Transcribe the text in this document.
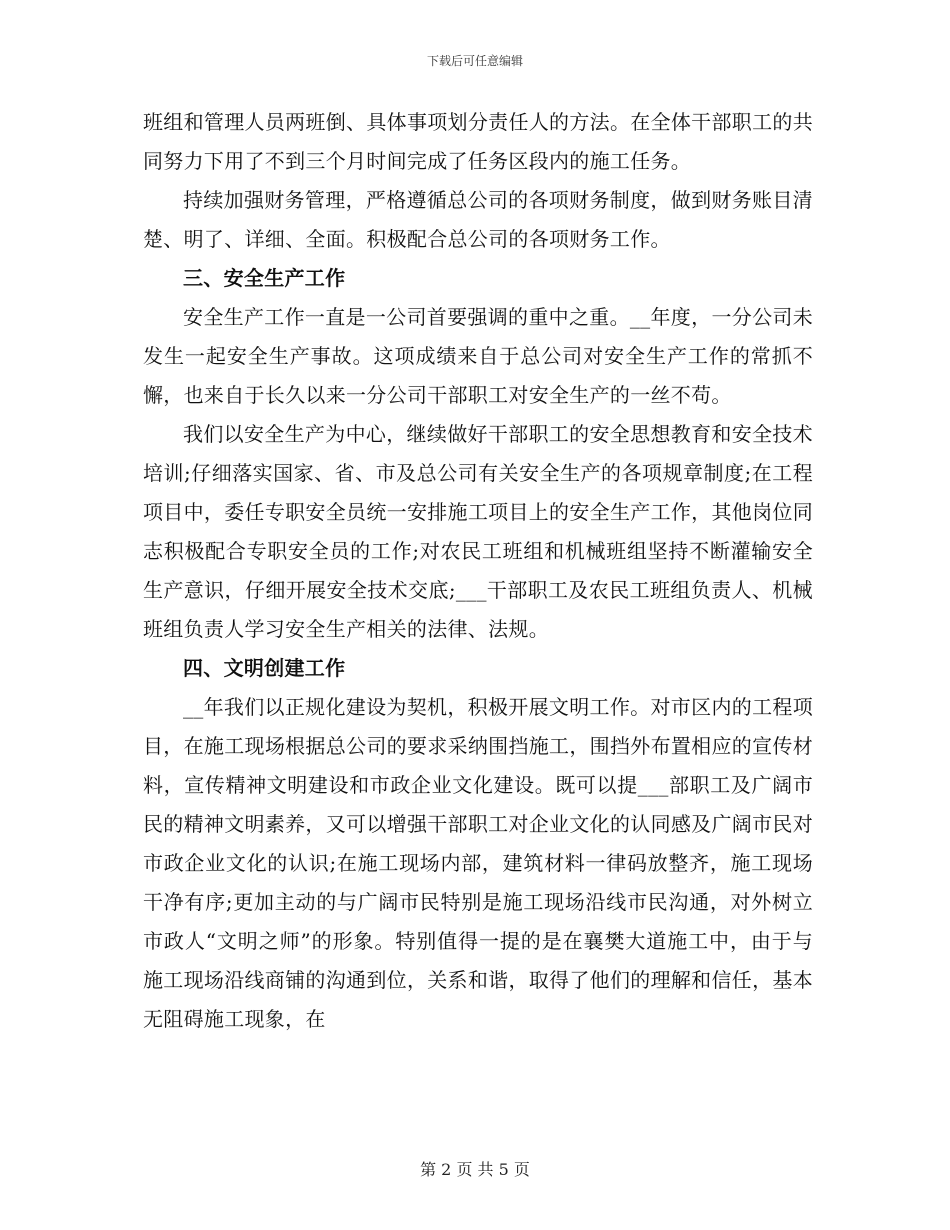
下载后可任意编辑

班组和管理人员两班倒、具体事项划分责任人的方法。在全体干部职工的共同努力下用了不到三个月时间完成了任务区段内的施工任务。

持续加强财务管理，严格遵循总公司的各项财务制度，做到财务账目清楚、明了、详细、全面。积极配合总公司的各项财务工作。

三、安全生产工作

安全生产工作一直是一公司首要强调的重中之重。__年度，一分公司未发生一起安全生产事故。这项成绩来自于总公司对安全生产工作的常抓不懈，也来自于长久以来一分公司干部职工对安全生产的一丝不苟。

我们以安全生产为中心，继续做好干部职工的安全思想教育和安全技术培训;仔细落实国家、省、市及总公司有关安全生产的各项规章制度;在工程项目中，委任专职安全员统一安排施工项目上的安全生产工作，其他岗位同志积极配合专职安全员的工作;对农民工班组和机械班组坚持不断灌输安全生产意识，仔细开展安全技术交底;___干部职工及农民工班组负责人、机械班组负责人学习安全生产相关的法律、法规。

四、文明创建工作

__年我们以正规化建设为契机，积极开展文明工作。对市区内的工程项目，在施工现场根据总公司的要求采纳围挡施工，围挡外布置相应的宣传材料，宣传精神文明建设和市政企业文化建设。既可以提___部职工及广阔市民的精神文明素养，又可以增强干部职工对企业文化的认同感及广阔市民对市政企业文化的认识;在施工现场内部，建筑材料一律码放整齐，施工现场干净有序;更加主动的与广阔市民特别是施工现场沿线市民沟通，对外树立市政人“文明之师”的形象。特别值得一提的是在襄樊大道施工中，由于与施工现场沿线商铺的沟通到位，关系和谐，取得了他们的理解和信任，基本无阻碍施工现象，在

第 2 页 共 5 页
